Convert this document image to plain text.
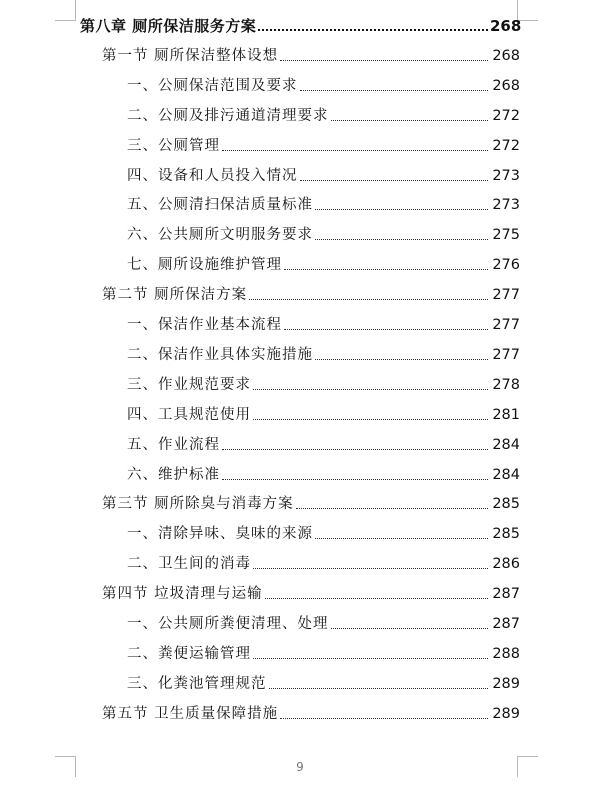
第八章 厕所保洁服务方案	268
第一节 厕所保洁整体设想	268
一、公厕保洁范围及要求	268
二、公厕及排污通道清理要求	272
三、公厕管理	272
四、设备和人员投入情况	273
五、公厕清扫保洁质量标准	273
六、公共厕所文明服务要求	275
七、厕所设施维护管理	276
第二节 厕所保洁方案	277
一、保洁作业基本流程	277
二、保洁作业具体实施措施	277
三、作业规范要求	278
四、工具规范使用	281
五、作业流程	284
六、维护标准	284
第三节 厕所除臭与消毒方案	285
一、清除异味、臭味的来源	285
二、卫生间的消毒	286
第四节 垃圾清理与运输	287
一、公共厕所粪便清理、处理	287
二、粪便运输管理	288
三、化粪池管理规范	289
第五节 卫生质量保障措施	289
9
